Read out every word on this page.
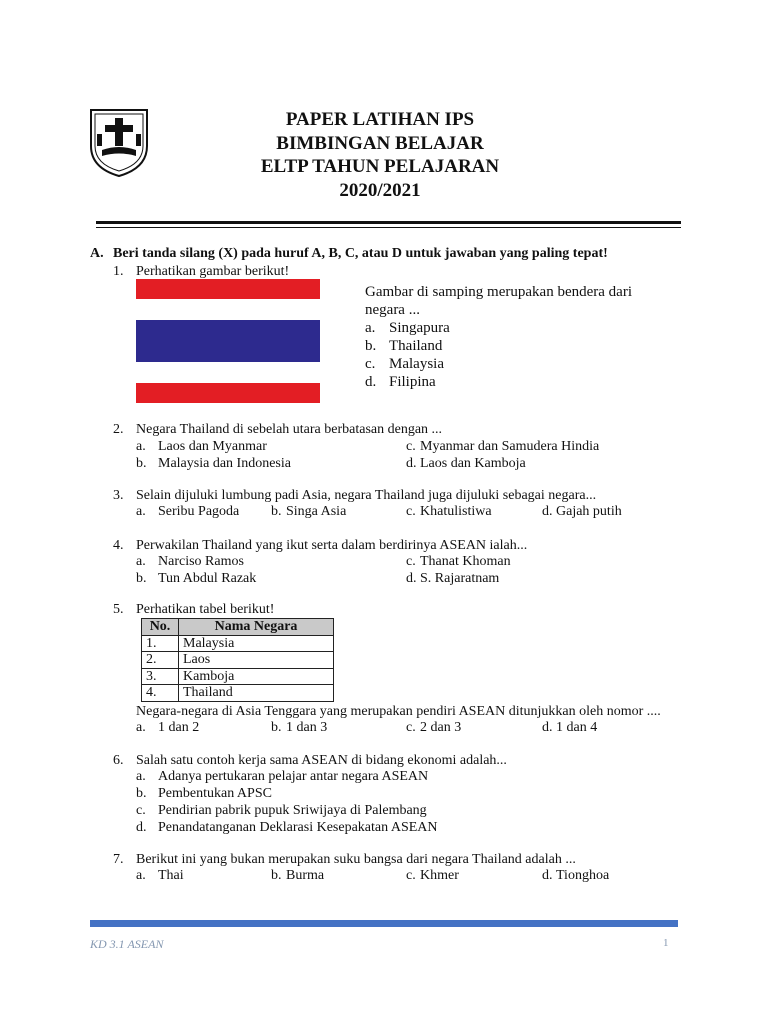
PAPER LATIHAN IPS
BIMBINGAN BELAJAR
ELTP TAHUN PELAJARAN
2020/2021
A. Beri tanda silang (X) pada huruf A, B, C, atau D untuk jawaban yang paling tepat!
1. Perhatikan gambar berikut!
Gambar di samping merupakan bendera dari
negara ...
a. Singapura
b. Thailand
c. Malaysia
d. Filipina
2. Negara Thailand di sebelah utara berbatasan dengan ...
a. Laos dan Myanmar	c. Myanmar dan Samudera Hindia
b. Malaysia dan Indonesia	d. Laos dan Kamboja
3. Selain dijuluki lumbung padi Asia, negara Thailand juga dijuluki sebagai negara...
a. Seribu Pagoda b. Singa Asia	c. Khatulistiwa	d. Gajah putih
4. Perwakilan Thailand yang ikut serta dalam berdirinya ASEAN ialah...
a. Narciso Ramos	c. Thanat Khoman
b. Tun Abdul Razak	d. S. Rajaratnam
5. Perhatikan tabel berikut!
No.	Nama Negara
1.	Malaysia
2.	Laos
3.	Kamboja
4.	Thailand
Negara-negara di Asia Tenggara yang merupakan pendiri ASEAN ditunjukkan oleh nomor ....
a. 1 dan 2	b. 1 dan 3	c. 2 dan 3	d. 1 dan 4
6. Salah satu contoh kerja sama ASEAN di bidang ekonomi adalah...
a. Adanya pertukaran pelajar antar negara ASEAN
b. Pembentukan APSC
c. Pendirian pabrik pupuk Sriwijaya di Palembang
d. Penandatanganan Deklarasi Kesepakatan ASEAN
7. Berikut ini yang bukan merupakan suku bangsa dari negara Thailand adalah ...
a. Thai	b. Burma	c. Khmer	d. Tionghoa
KD 3.1 ASEAN	1
